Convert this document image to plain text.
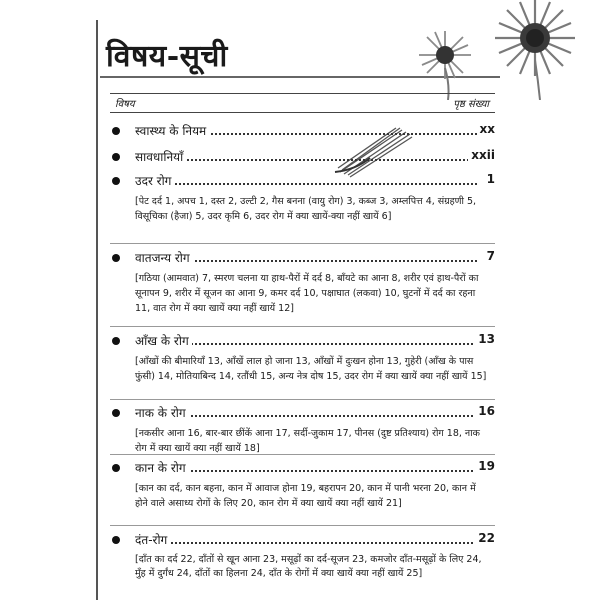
विषय-सूची
विषय	पृष्ठ संख्या
स्वास्थ्य के नियम	xx
सावधानियाँ	xxii
उदर रोग	1
[पेट दर्द 1, अपच 1, दस्त 2, उल्टी 2, गैस बनना (वायु रोग) 3, कब्ज 3, अम्लपित्त 4, संग्रहणी 5, विसूचिका (हैजा) 5, उदर कृमि 6, उदर रोग में क्या खायें-क्या नहीं खायें 6]
वातजन्य रोग	7
[गठिया (आमवात) 7, स्मरण चलना या हाथ-पैरों में दर्द 8, बाँयटे का आना 8, शरीर एवं हाथ-पैरों का सूनापन 9, शरीर में सूजन का आना 9, कमर दर्द 10, पक्षाघात (लकवा) 10, घुटनों में दर्द का रहना 11, वात रोग में क्या खायें क्या नहीं खायें 12]
आँख के रोग	13
[आँखों की बीमारियाँ 13, आँखें लाल हो जाना 13, आँखों में दुःखन होना 13, गुहेरी (आँख के पास फुंसी) 14, मोतियाबिन्द 14, रतौंधी 15, अन्य नेत्र दोष 15, उदर रोग में क्या खायें क्या नहीं खायें 15]
नाक के रोग	16
[नकसीर आना 16, बार-बार छींकें आना 17, सर्दी-जुकाम 17, पीनस (दुष्ट प्रतिश्याय) रोग 18, नाक रोग में क्या खायें क्या नहीं खायें 18]
कान के रोग	19
[कान का दर्द, कान बहना, कान में आवाज होना 19, बहरापन 20, कान में पानी भरना 20, कान में होने वाले असाध्य रोगों के लिए 20, कान रोग में क्या खायें क्या नहीं खायें 21]
दंत-रोग	22
[दाँत का दर्द 22, दाँतों से खून आना 23, मसूढ़ों का दर्द-सूजन 23, कमजोर दाँत-मसूढ़ों के लिए 24, मुँह में दुर्गंध 24, दाँतों का हिलना 24, दाँत के रोगों में क्या खायें क्या नहीं खायें 25]
